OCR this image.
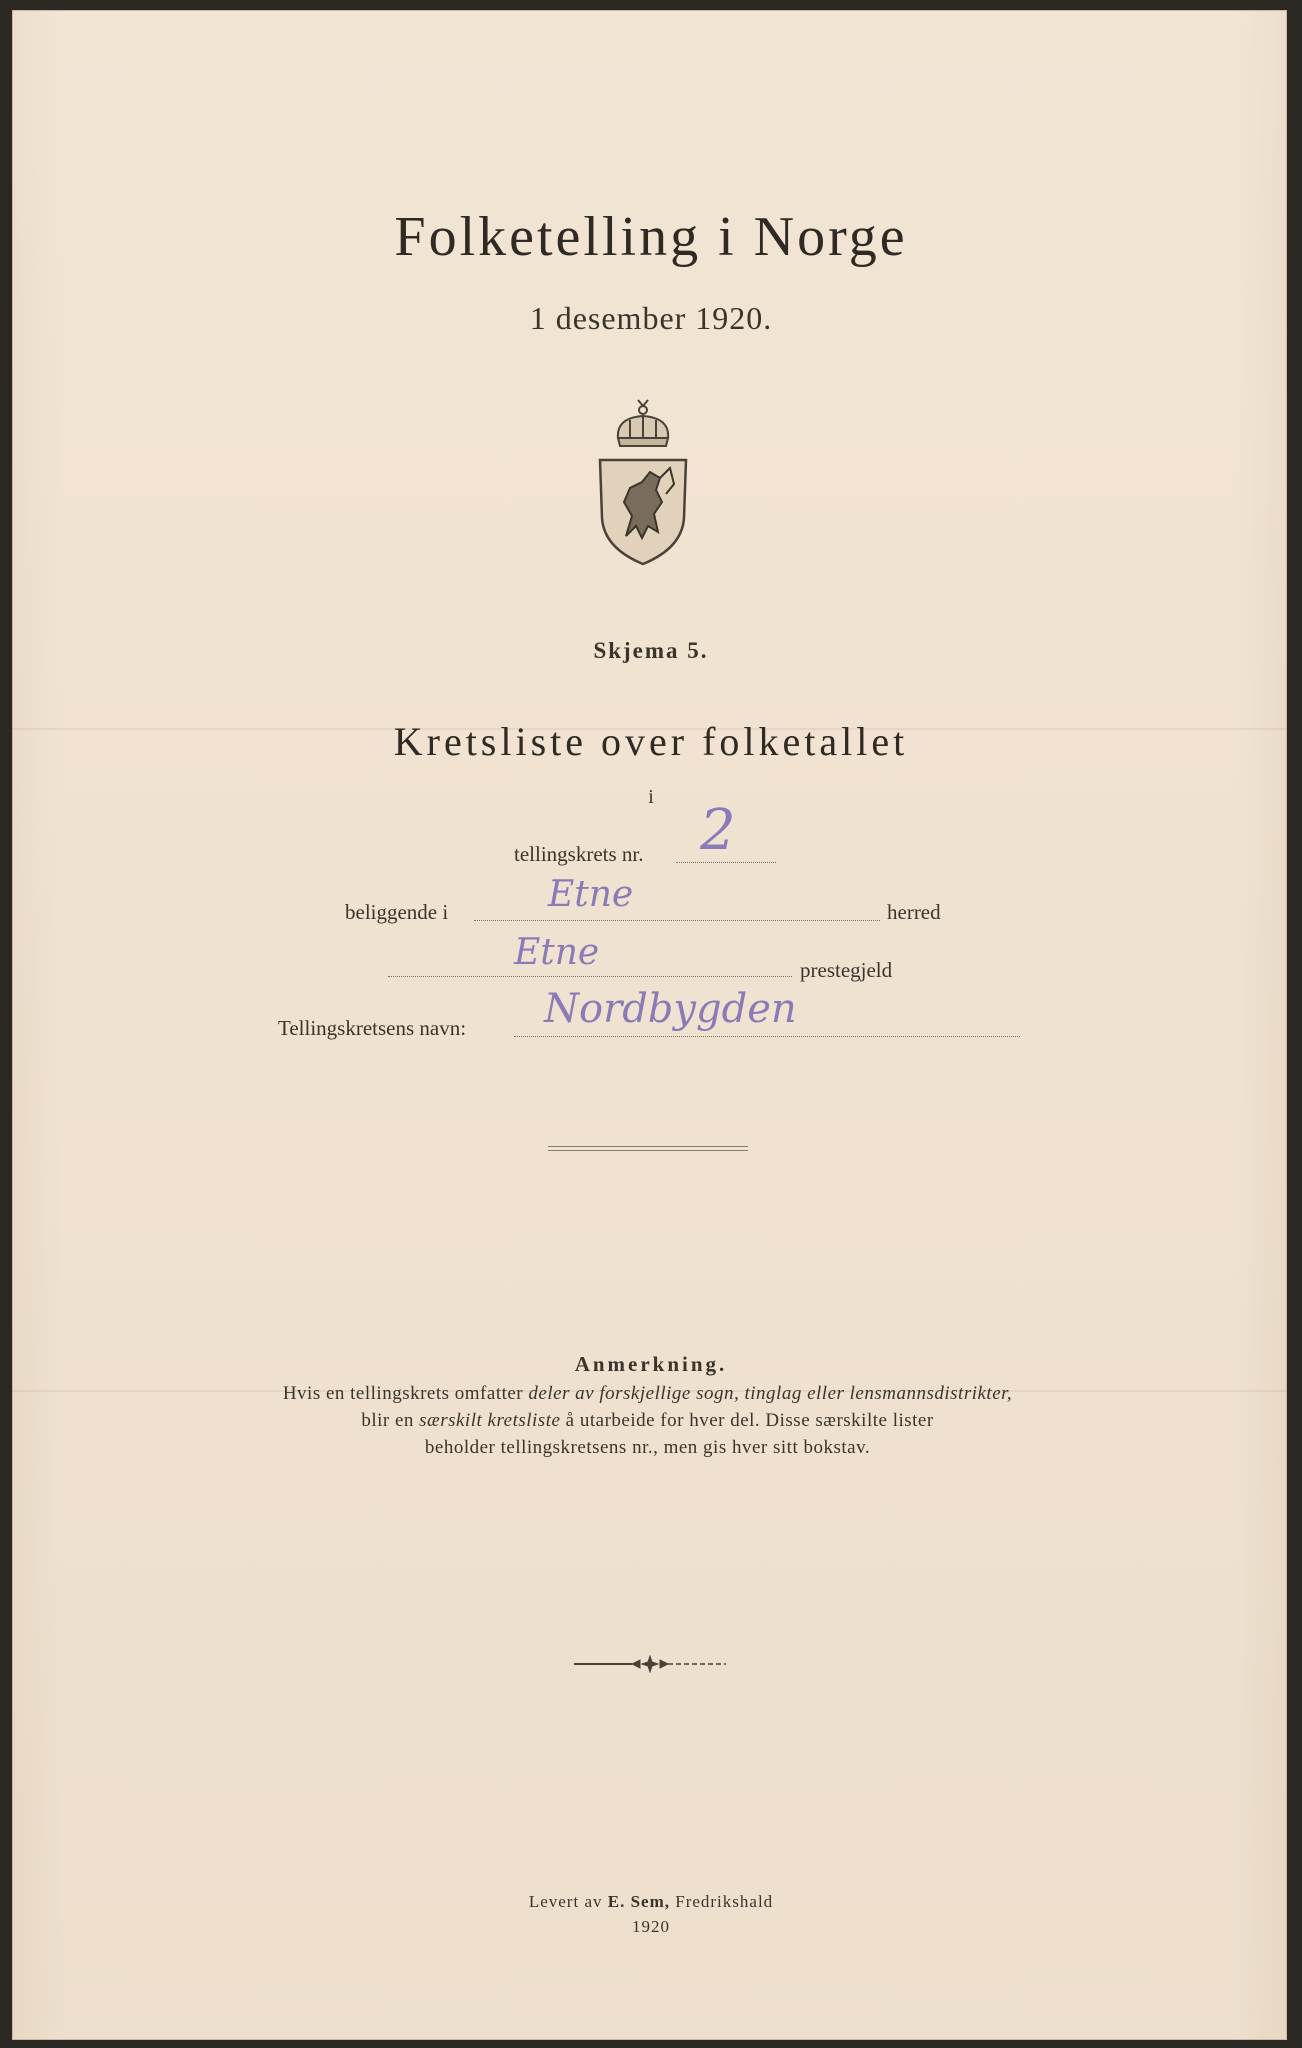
Folketelling i Norge
1 desember 1920.
Skjema 5.
Kretsliste over folketallet
i
tellingskrets nr. 2
beliggende i	Etne	herred
Etne	prestegjeld
Tellingskretsens navn: Nordbygden
Anmerkning.
Hvis en tellingskrets omfatter deler av forskjellige sogn, tinglag eller lensmannsdistrikter,
blir en særskilt kretsliste å utarbeide for hver del. Disse særskilte lister
beholder tellingskretsens nr., men gis hver sitt bokstav.
Levert av E. Sem, Fredrikshald
1920
